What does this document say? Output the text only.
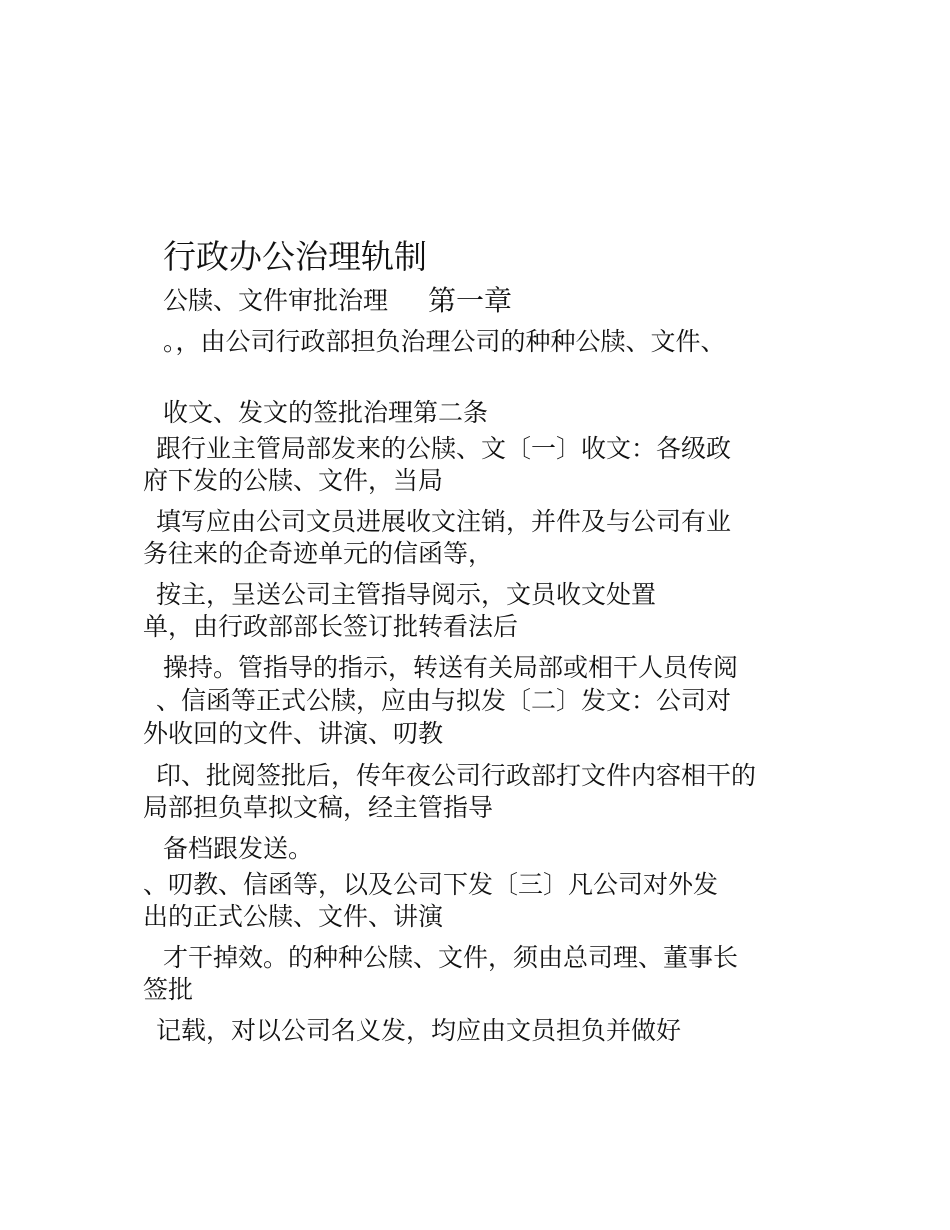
行政办公治理轨制
公牍、文件审批治理 第一章
。，由公司行政部担负治理公司的种种公牍、文件、
收文、发文的签批治理第二条
跟行业主管局部发来的公牍、文〔一〕收文：各级政
府下发的公牍、文件，当局
填写应由公司文员进展收文注销，并件及与公司有业
务往来的企奇迹单元的信函等，
按主，呈送公司主管指导阅示，文员收文处置
单，由行政部部长签订批转看法后
操持。管指导的指示，转送有关局部或相干人员传阅
、信函等正式公牍，应由与拟发〔二〕发文：公司对
外收回的文件、讲演、叨教
印、批阅签批后，传年夜公司行政部打文件内容相干的
局部担负草拟文稿，经主管指导
备档跟发送。
、叨教、信函等，以及公司下发〔三〕凡公司对外发
出的正式公牍、文件、讲演
才干掉效。的种种公牍、文件，须由总司理、董事长
签批
记载，对以公司名义发，均应由文员担负并做好
